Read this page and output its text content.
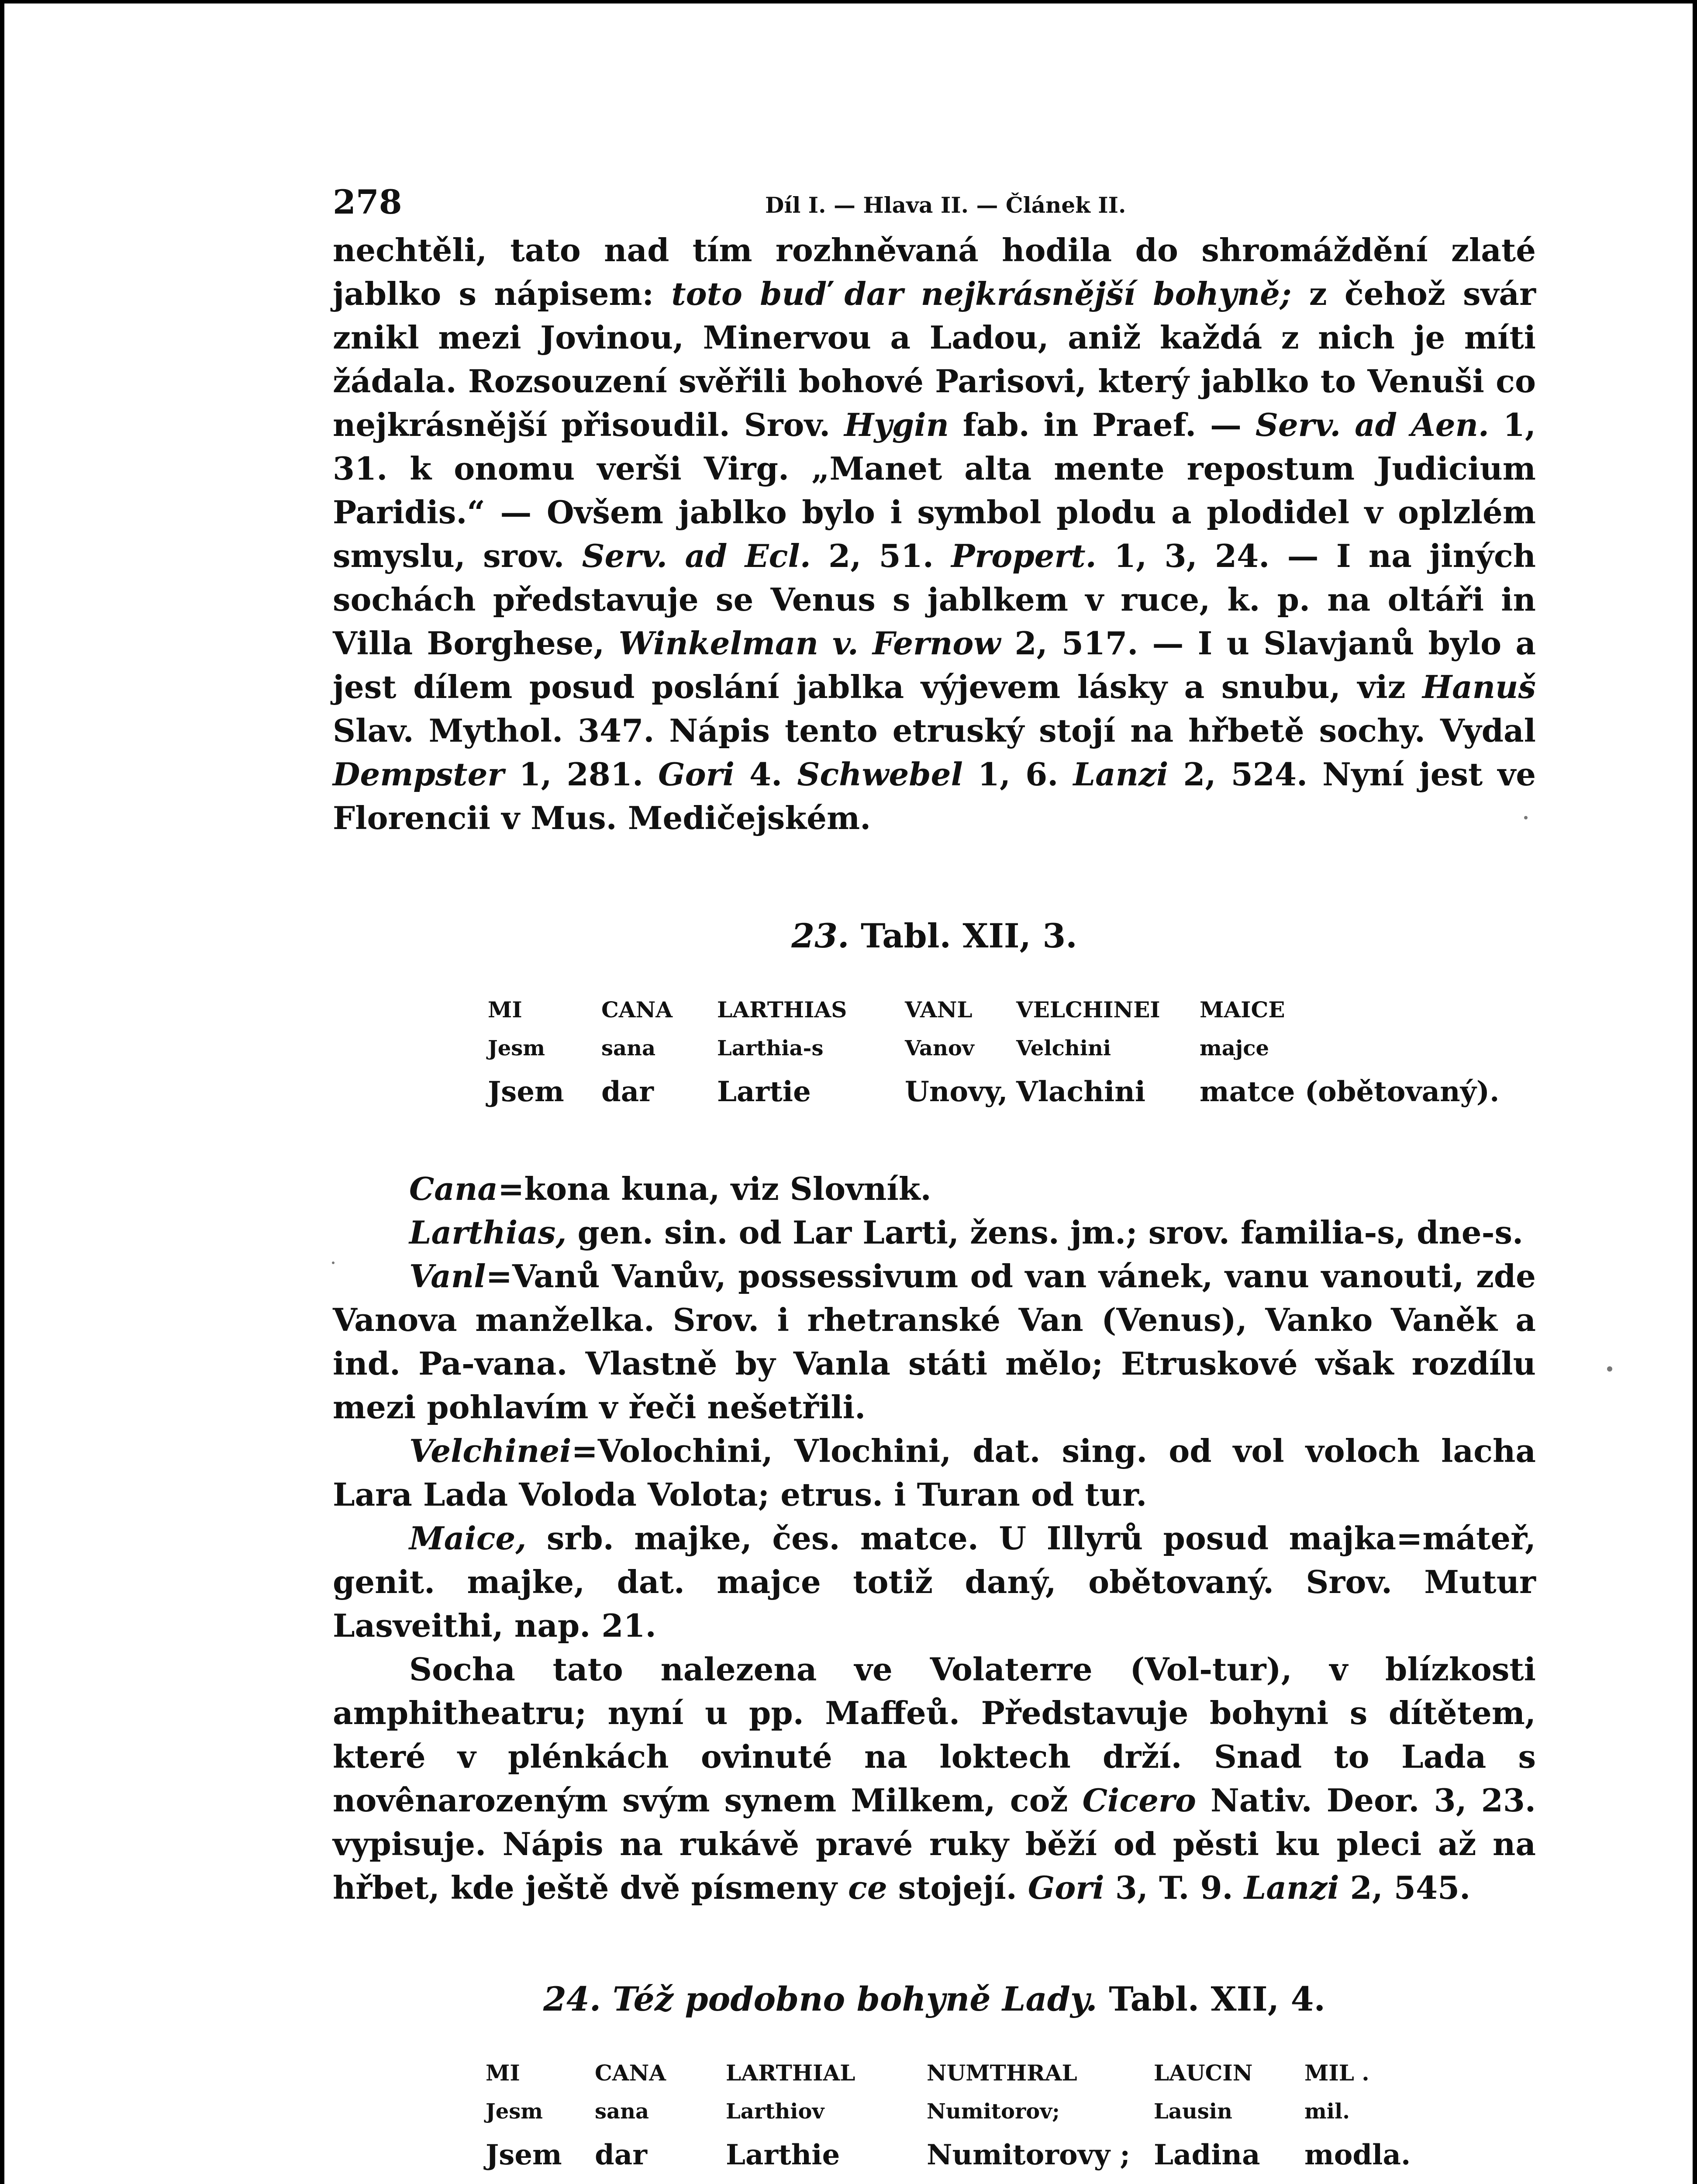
278	Díl I. — Hlava II. — Článek II.

nechtěli, tato nad tím rozhněvaná hodila do shromáždění zlaté jablko s nápisem: toto buď dar nejkrásnější bohyně; z čehož svár znikl mezi Jovinou, Minervou a Ladou, aniž každá z nich je míti žádala. Rozsouzení svěřili bohové Parisovi, který jablko to Venuši co nejkrásnější přisoudil. Srov. Hygin fab. in Praef. — Serv. ad Aen. 1, 31. k onomu verši Virg. „Manet alta mente repostum Judicium Paridis.“ — Ovšem jablko bylo i symbol plodu a plodidel v oplzlém smyslu, srov. Serv. ad Ecl. 2, 51. Propert. 1, 3, 24. — I na jiných sochách představuje se Venus s jablkem v ruce, k. p. na oltáři in Villa Borghese, Winkelman v. Fernow 2, 517. — I u Slavjanů bylo a jest dílem posud poslání jablka výjevem lásky a snubu, viz Hanuš Slav. Mythol. 347. Nápis tento etruský stojí na hřbetě sochy. Vydal Dempster 1, 281. Gori 4. Schwebel 1, 6. Lanzi 2, 524. Nyní jest ve Florencii v Mus. Medičejském.

23. Tabl. XII, 3.
MI	CANA	LARTHIAS	VANL	VELCHINEI	MAICE
Jesm	sana	Larthia-s	Vanov	Velchini	majce
Jsem	dar	Lartie	Unovy,	Vlachini	matce (obětovaný).

Cana=kona kuna, viz Slovník.

Larthias, gen. sin. od Lar Larti, žens. jm.; srov. familia-s, dne-s.

Vanl=Vanů Vanův, possessivum od van vánek, vanu vanouti, zde Vanova manželka. Srov. i rhetranské Van (Venus), Vanko Vaněk a ind. Pa-vana. Vlastně by Vanla státi mělo; Etruskové však rozdílu mezi pohlavím v řeči nešetřili.

Velchinei=Volochini, Vlochini, dat. sing. od vol voloch lacha Lara Lada Voloda Volota; etrus. i Turan od tur.

Maice, srb. majke, čes. matce. U Illyrů posud majka=máteř, genit. majke, dat. majce totiž daný, obětovaný. Srov. Mutur Lasveithi, nap. 21.

Socha tato nalezena ve Volaterre (Vol-tur), v blízkosti amphitheatru; nyní u pp. Maffeů. Představuje bohyni s dítětem, které v plénkách ovinuté na loktech drží. Snad to Lada s novênarozeným svým synem Milkem, což Cicero Nativ. Deor. 3, 23. vypisuje. Nápis na rukávě pravé ruky běží od pěsti ku pleci až na hřbet, kde ještě dvě písmeny ce stojejí. Gori 3, T. 9. Lanzi 2, 545.

24. Též podobno bohyně Lady. Tabl. XII, 4.
MI	CANA	LARTHIAL	NUMTHRAL	LAUCIN	MIL .
Jesm	sana	Larthiov	Numitorov;	Lausin	mil.
Jsem	dar	Larthie	Numitorovy ;	Ladina	modla.
